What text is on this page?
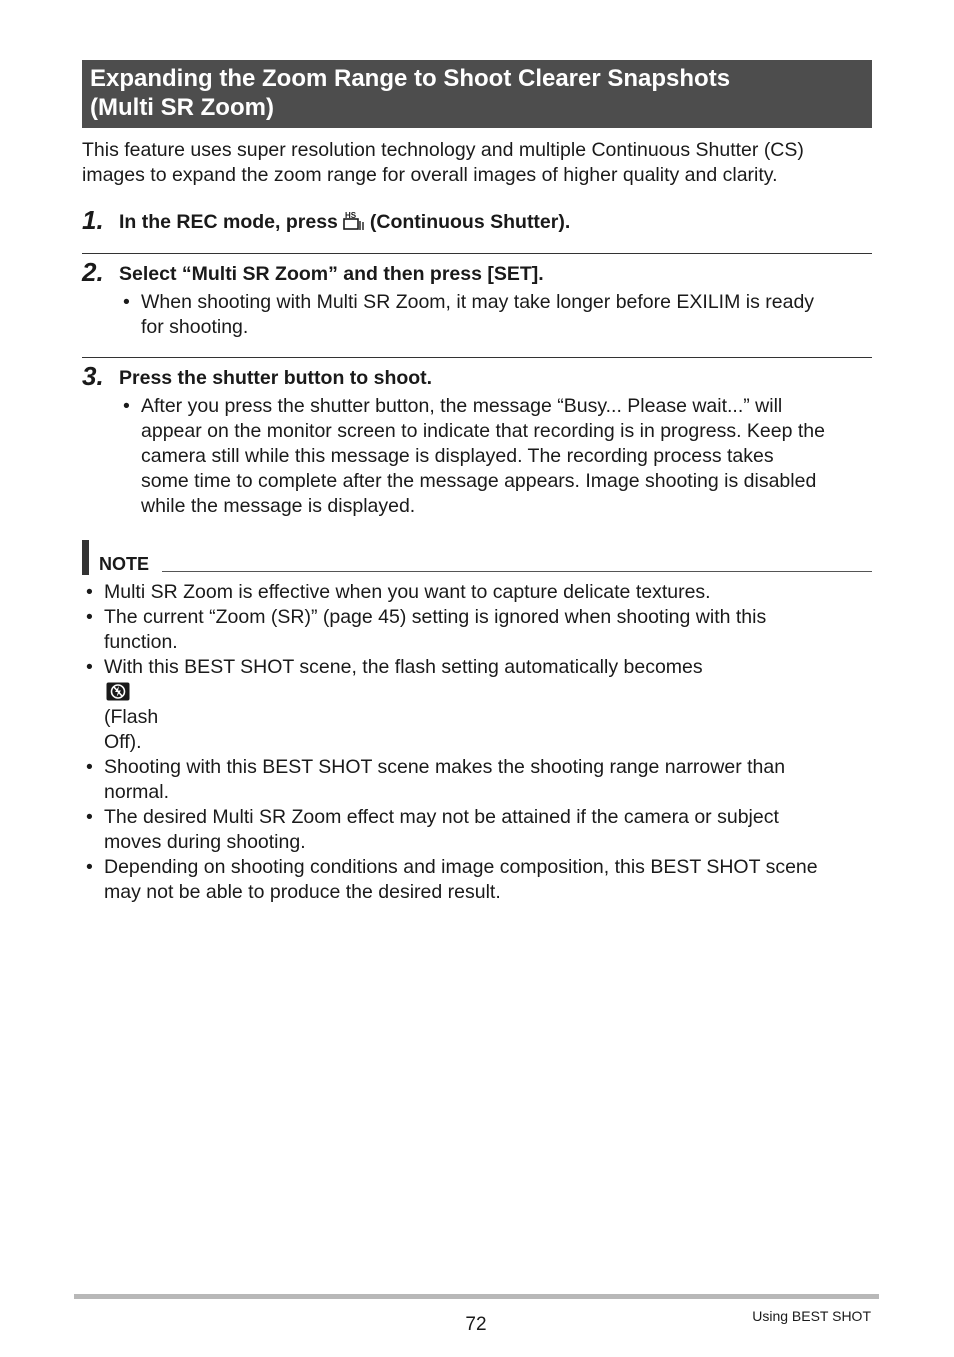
Expanding the Zoom Range to Shoot Clearer Snapshots
(Multi SR Zoom)
This feature uses super resolution technology and multiple Continuous Shutter (CS)
images to expand the zoom range for overall images of higher quality and clarity.
1. In the REC mode, press HS (Continuous Shutter).
2. Select “Multi SR Zoom” and then press [SET].
• When shooting with Multi SR Zoom, it may take longer before EXILIM is ready
for shooting.
3. Press the shutter button to shoot.
• After you press the shutter button, the message “Busy... Please wait...” will
appear on the monitor screen to indicate that recording is in progress. Keep the
camera still while this message is displayed. The recording process takes
some time to complete after the message appears. Image shooting is disabled
while the message is displayed.
NOTE
• Multi SR Zoom is effective when you want to capture delicate textures.
• The current “Zoom (SR)” (page 45) setting is ignored when shooting with this
function.
• With this BEST SHOT scene, the flash setting automatically becomes
(Flash
Off).
• Shooting with this BEST SHOT scene makes the shooting range narrower than
normal.
• The desired Multi SR Zoom effect may not be attained if the camera or subject
moves during shooting.
• Depending on shooting conditions and image composition, this BEST SHOT scene
may not be able to produce the desired result.
72	Using BEST SHOT
